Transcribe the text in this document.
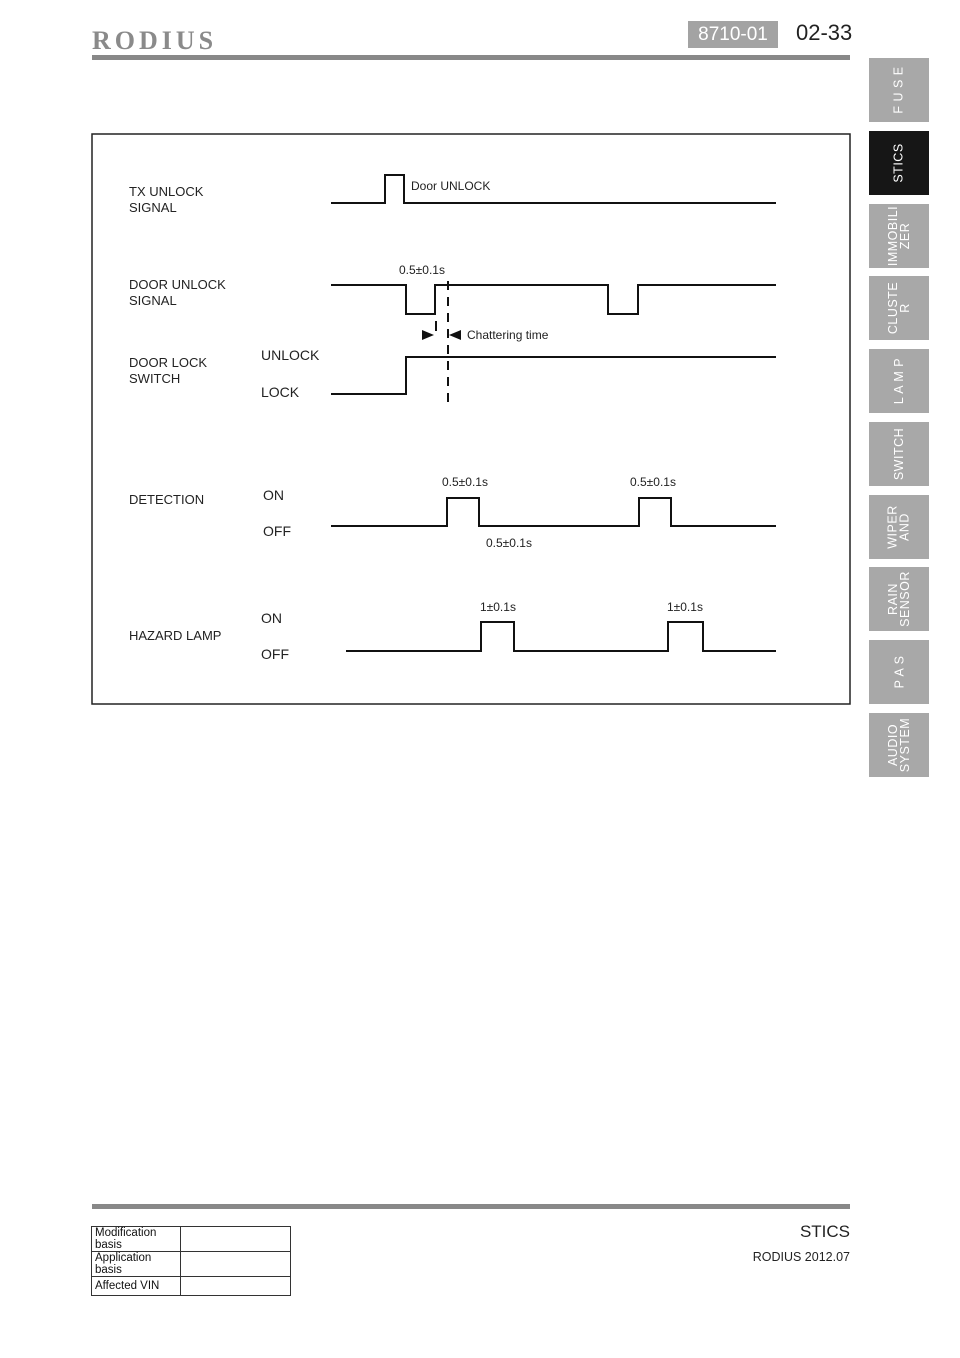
RODIUS	8710-01	02-33
F U S E
STICS
IMMOBILI
ZER
CLUSTE
R
L A M P
SWITCH
WIPER
AND
RAIN
SENSOR
P A S
AUDIO
SYSTEM
TX UNLOCK
SIGNAL
Door UNLOCK
DOOR UNLOCK
SIGNAL
0.5±0.1s
Chattering time
DOOR LOCK
SWITCH
UNLOCK
LOCK
DETECTION	ON
OFF
0.5±0.1s	0.5±0.1s
0.5±0.1s
HAZARD LAMP
ON
OFF
1±0.1s	1±0.1s
Modification basis	
Application basis	
Affected VIN	
STICS
RODIUS 2012.07
